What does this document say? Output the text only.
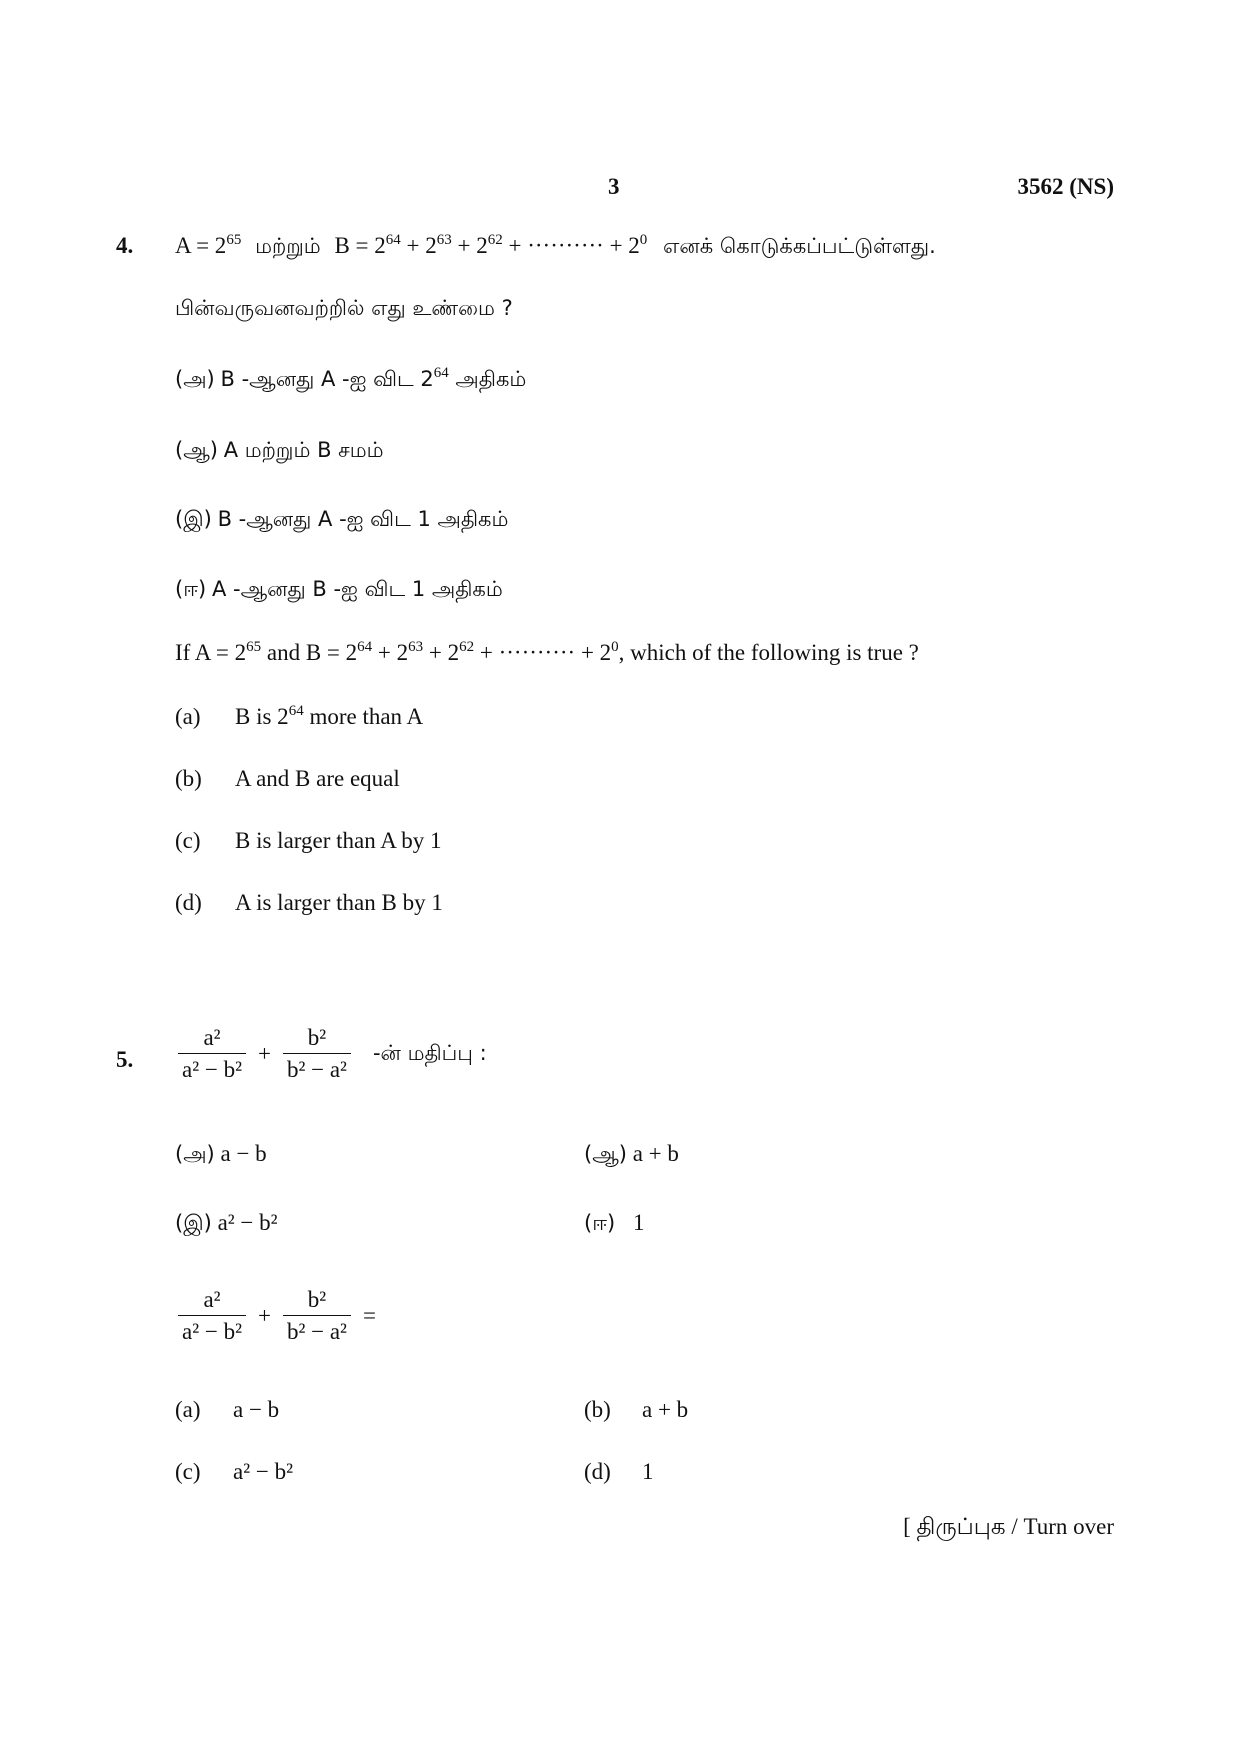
3	3562 (NS)
4. $A = 2^{65}$ மற்றும் $B = 2^{64} + 2^{63} + 2^{62}$ + ·········· + $2^0$ எனக் கொடுக்கப்பட்டுள்ளது.
பின்வருவனவற்றில் எது உண்மை ?
(அ) B -ஆனது A -ஐ விட $2^{64}$ அதிகம்
(ஆ) A மற்றும் B சமம்
(இ) B -ஆனது A -ஐ விட 1 அதிகம்
(ஈ) A -ஆனது B -ஐ விட 1 அதிகம்
If $A = 2^{65}$ and $B = 2^{64} + 2^{63} + 2^{62}$ + ·········· + $2^0$, which of the following is true ?
(a) B is $2^{64}$ more than A
(b) A and B are equal
(c) B is larger than A by 1
(d) A is larger than B by 1
5. $\frac{\text{a²}}{\text{a² − b²}} + \frac{\text{b²}}{\text{b² − a²}}$ -ன் மதிப்பு :
(அ) a − b	(ஆ) a + b
(இ) a² − b²	(ஈ) 1
$\frac{\text{a²}}{\text{a² − b²}} + \frac{\text{b²}}{\text{b² − a²}}$ =
(a) a − b	(b) a + b
(c) a² − b²	(d) 1
[ திருப்புக / Turn over
